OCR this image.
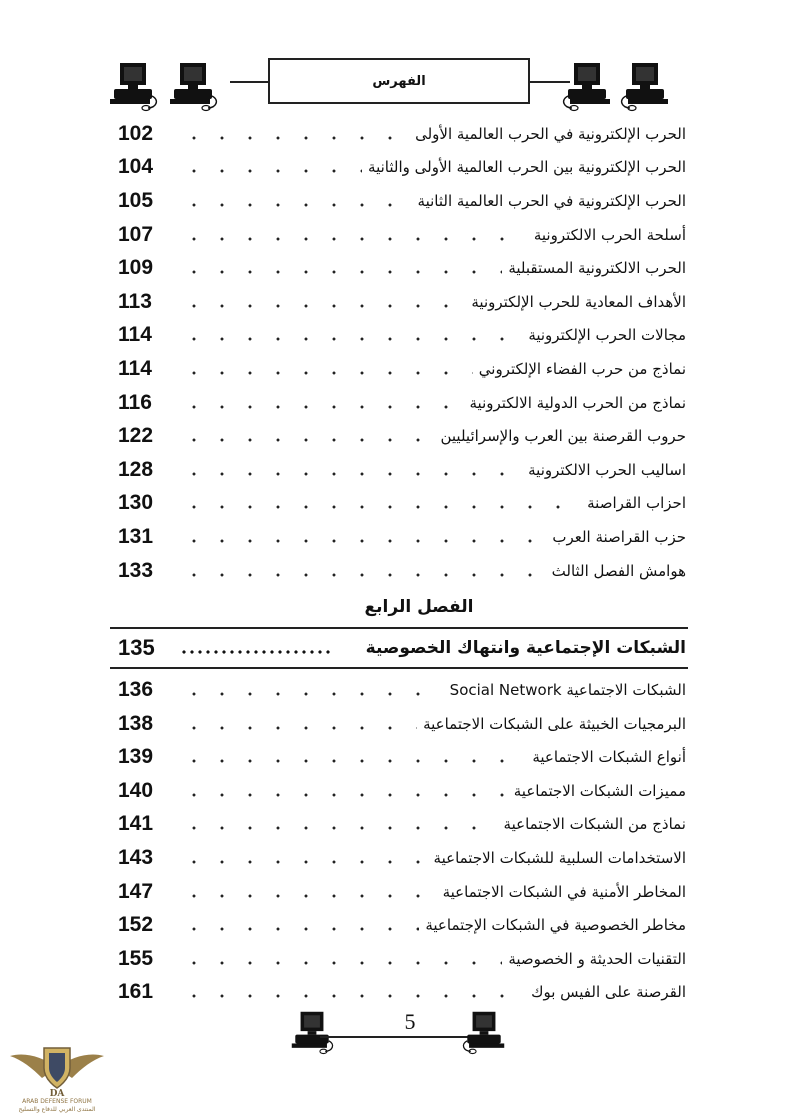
الفهرس
102	الحرب الإلكترونية في الحرب العالمية الأولى
104	الحرب الإلكترونية بين الحرب العالمية الأولى والثانية
105	الحرب الإلكترونية في الحرب العالمية الثانية
107	أسلحة الحرب الالكترونية
109	الحرب الالكترونية المستقبلية
113	الأهداف المعادية للحرب الإلكترونية
114	مجالات الحرب الإلكترونية
114	نماذج من حرب الفضاء الإلكتروني
116	نماذج من الحرب الدولية الالكترونية
122	حروب القرصنة بين العرب والإسرائيليين
128	اساليب الحرب الالكترونية
130	احزاب القراصنة
131	حزب القراصنة العرب
133	هوامش الفصل الثالث
الفصل الرابع
135	الشبكات الإجتماعية وانتهاك الخصوصية
136	الشبكات الاجتماعية Social Network
138	البرمجيات الخبيثة على الشبكات الاجتماعية
139	أنواع الشبكات الاجتماعية
140	مميزات الشبكات الاجتماعية
141	نماذج من الشبكات الاجتماعية
143	الاستخدامات السلبية للشبكات الاجتماعية
147	المخاطر الأمنية في الشبكات الاجتماعية
152	مخاطر الخصوصية في الشبكات الإجتماعية
155	التقنيات الحديثة و الخصوصية
161	القرصنة على الفيس بوك
5
DA
ARAB DEFENSE FORUM
المنتدى العربي للدفاع والتسليح
